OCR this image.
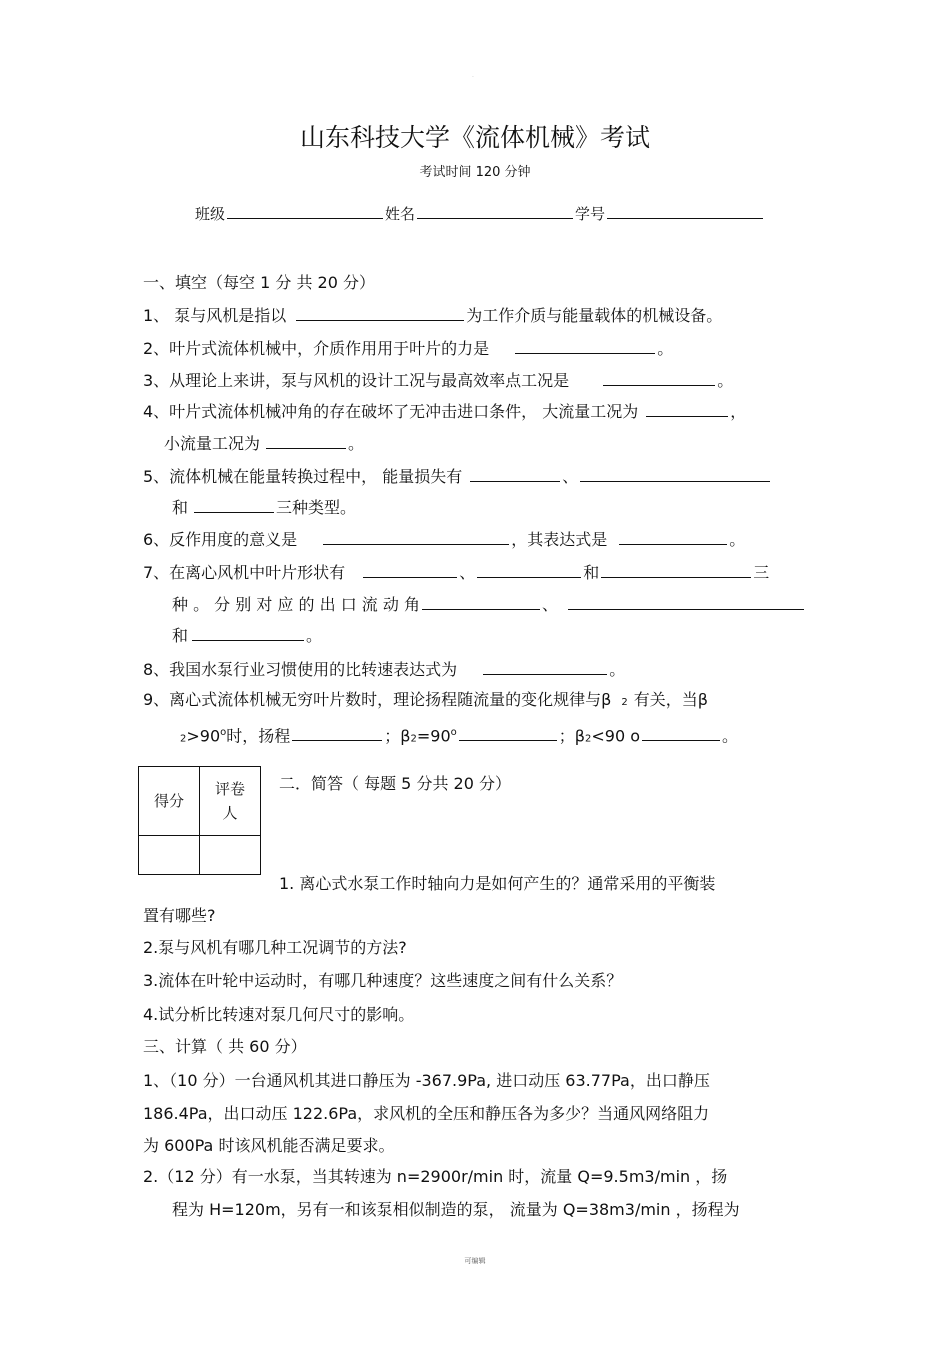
.
山东科技大学《流体机械》考试
考试时间 120 分钟
班级	姓名	学号
一、填空（每空 1 分 共 20 分）
1、 泵与风机是指以	为工作介质与能量载体的机械设备。
2、叶片式流体机械中，介质作用用于叶片的力是	。
3、从理论上来讲，泵与风机的设计工况与最高效率点工况是	。
4、叶片式流体机械冲角的存在破坏了无冲击进口条件， 大流量工况为	，
小流量工况为	。
5、流体机械在能量转换过程中， 能量损失有	、
和	三种类型。
6、反作用度的意义是	，其表达式是	。
7、在离心风机中叶片形状有	、	和	三
种 。 分 别 对 应 的 出 口 流 动 角	、
和	。
8、我国水泵行业习惯使用的比转速表达式为	。
9、离心式流体机械无穷叶片数时，理论扬程随流量的变化规律与β 2 有关，当β
$2>90^o$时，扬程	；$\beta 2=90^o$	；β2<90 o	。
得分	评卷
人

二．简答（ 每题 5 分共 20 分）
1. 离心式水泵工作时轴向力是如何产生的？通常采用的平衡装
置有哪些?
2.泵与风机有哪几种工况调节的方法?
3.流体在叶轮中运动时，有哪几种速度？这些速度之间有什么关系？
4.试分析比转速对泵几何尺寸的影响。
三、计算（ 共 60 分）
1、（10 分）一台通风机其进口静压为 -367.9Pa, 进口动压 63.77Pa，出口静压
186.4Pa，出口动压 122.6Pa，求风机的全压和静压各为多少？当通风网络阻力
为 600Pa 时该风机能否满足要求。
2.（12 分）有一水泵，当其转速为 n=2900r/min 时，流量 Q=9.5m3/min ，扬
程为 H=120m，另有一和该泵相似制造的泵， 流量为 Q=38m3/min ，扬程为
可编辑
